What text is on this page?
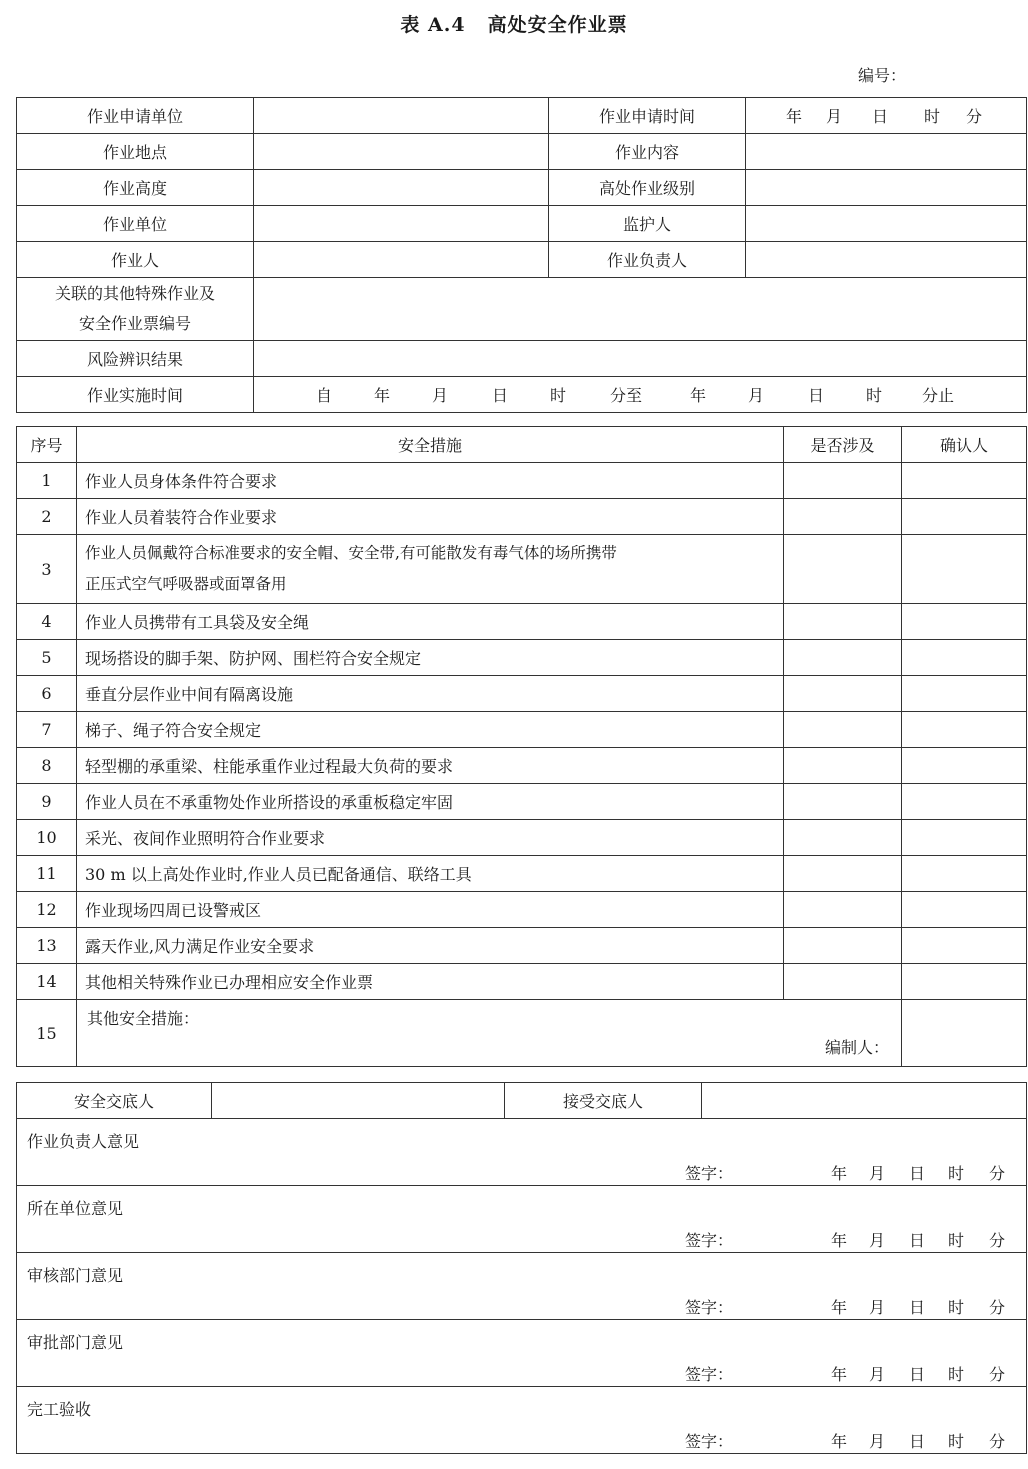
表 A.4 高处安全作业票
编号：
作业申请单位		作业申请时间	年 月 日 时 分

作业地点		作业内容	
作业高度		高处作业级别	
作业单位		监护人	
作业人		作业负责人	

关联的其他特殊作业及
安全作业票编号			

风险辨识结果			
作业实施时间	自 年 月 日 时 分至 年 月 日 时 分止		
序号	安全措施	是否涉及	确认人
1	作业人员身体条件符合要求		
2	作业人员着装符合作业要求		
3	作业人员佩戴符合标准要求的安全帽、安全带,有可能散发有毒气体的场所携带
正压式空气呼吸器或面罩备用		

4	作业人员携带有工具袋及安全绳		
5	现场搭设的脚手架、防护网、围栏符合安全规定		
6	垂直分层作业中间有隔离设施		
7	梯子、绳子符合安全规定		
8	轻型棚的承重梁、柱能承重作业过程最大负荷的要求		
9	作业人员在不承重物处作业所搭设的承重板稳定牢固		
10	采光、夜间作业照明符合作业要求		
11	30 m 以上高处作业时,作业人员已配备通信、联络工具		
12	作业现场四周已设警戒区		
13	露天作业,风力满足作业安全要求		
14	其他相关特殊作业已办理相应安全作业票		
15	其他安全措施：
编制人：		

安全交底人		接受交底人	

作业负责人意见
签字：	年 月 日 时 分

所在单位意见
签字：	年 月 日 时 分

审核部门意见
签字：	年 月 日 时 分

审批部门意见
签字：	年 月 日 时 分

完工验收
签字：	年 月 日 时 分
